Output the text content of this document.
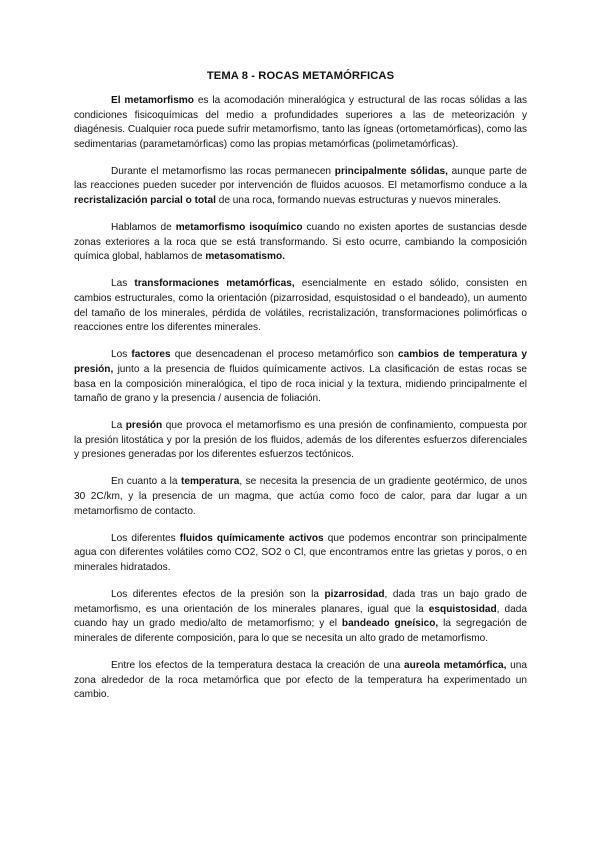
TEMA 8 - ROCAS METAMÓRFICAS

El metamorfismo es la acomodación mineralógica y estructural de las rocas sólidas a las condiciones fisicoquímicas del medio a profundidades superiores a las de meteorización y diagénesis. Cualquier roca puede sufrir metamorfismo, tanto las ígneas (ortometamórficas), como las sedimentarias (parametamórficas) como las propias metamórficas (polimetamórficas).

Durante el metamorfismo las rocas permanecen principalmente sólidas, aunque parte de las reacciones pueden suceder por intervención de fluidos acuosos. El metamorfismo conduce a la recristalización parcial o total de una roca, formando nuevas estructuras y nuevos minerales.

Hablamos de metamorfismo isoquímico cuando no existen aportes de sustancias desde zonas exteriores a la roca que se está transformando. Si esto ocurre, cambiando la composición química global, hablamos de metasomatismo.

Las transformaciones metamórficas, esencialmente en estado sólido, consisten en cambios estructurales, como la orientación (pizarrosidad, esquistosidad o el bandeado), un aumento del tamaño de los minerales, pérdida de volátiles, recristalización, transformaciones polimórficas o reacciones entre los diferentes minerales.

Los factores que desencadenan el proceso metamórfico son cambios de temperatura y presión, junto a la presencia de fluidos químicamente activos. La clasificación de estas rocas se basa en la composición mineralógica, el tipo de roca inicial y la textura, midiendo principalmente el tamaño de grano y la presencia / ausencia de foliación.

La presión que provoca el metamorfismo es una presión de confinamiento, compuesta por la presión litostática y por la presión de los fluidos, además de los diferentes esfuerzos diferenciales y presiones generadas por los diferentes esfuerzos tectónicos.

En cuanto a la temperatura, se necesita la presencia de un gradiente geotérmico, de unos 30 2C/km, y la presencia de un magma, que actúa como foco de calor, para dar lugar a un metamorfismo de contacto.

Los diferentes fluidos químicamente activos que podemos encontrar son principalmente agua con diferentes volátiles como CO2, SO2 o Cl, que encontramos entre las grietas y poros, o en minerales hidratados.

Los diferentes efectos de la presión son la pizarrosidad, dada tras un bajo grado de metamorfismo, es una orientación de los minerales planares, igual que la esquistosidad, dada cuando hay un grado medio/alto de metamorfismo; y el bandeado gneísico, la segregación de minerales de diferente composición, para lo que se necesita un alto grado de metamorfismo.

Entre los efectos de la temperatura destaca la creación de una aureola metamórfica, una zona alrededor de la roca metamórfica que por efecto de la temperatura ha experimentado un cambio.
